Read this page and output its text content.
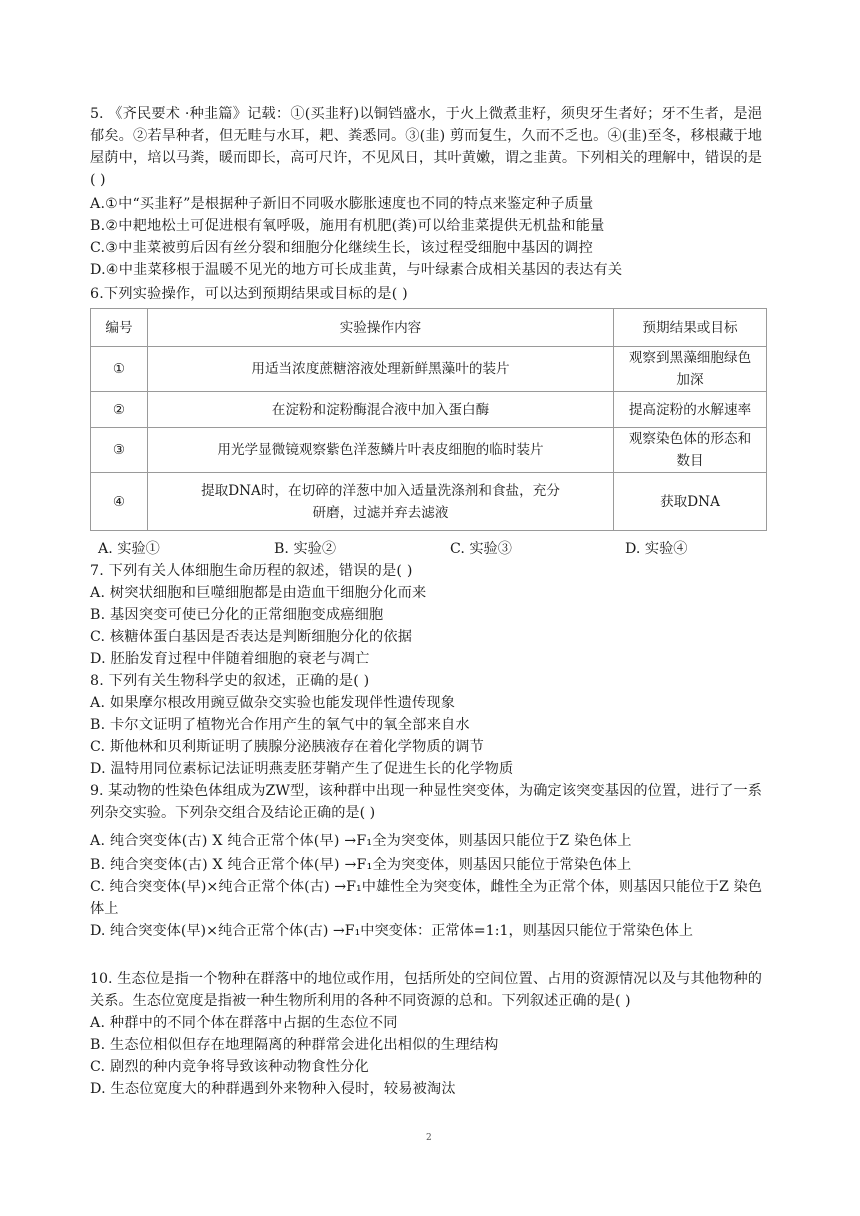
5. 《齐民要术 ·种韭篇》记载：①(买韭籽)以铜铛盛水，于火上微煮韭籽，须臾牙生者好；牙不生者，是浥郁矣。②若旱种者，但无畦与水耳，耙、粪悉同。③(韭) 剪而复生，久而不乏也。④(韭)至冬，移根藏于地屋荫中，培以马粪，暖而即长，高可尺许，不见风日，其叶黄嫩，谓之韭黄。下列相关的理解中，错误的是( )
A.①中“买韭籽”是根据种子新旧不同吸水膨胀速度也不同的特点来鉴定种子质量
B.②中耙地松土可促进根有氧呼吸，施用有机肥(粪)可以给韭菜提供无机盐和能量
C.③中韭菜被剪后因有丝分裂和细胞分化继续生长，该过程受细胞中基因的调控
D.④中韭菜移根于温暖不见光的地方可长成韭黄，与叶绿素合成相关基因的表达有关
6.下列实验操作，可以达到预期结果或目标的是( )
编号	实验操作内容	预期结果或目标
①	用适当浓度蔗糖溶液处理新鲜黑藻叶的装片	观察到黑藻细胞绿色加深
②	在淀粉和淀粉酶混合液中加入蛋白酶	提高淀粉的水解速率
③	用光学显微镜观察紫色洋葱鳞片叶表皮细胞的临时装片	观察染色体的形态和数目
④	提取DNA时，在切碎的洋葱中加入适量洗涤剂和食盐，充分研磨，过滤并弃去滤液	获取DNA
A. 实验①	B. 实验②	C. 实验③	D. 实验④
7. 下列有关人体细胞生命历程的叙述，错误的是( )
A. 树突状细胞和巨噬细胞都是由造血干细胞分化而来
B. 基因突变可使已分化的正常细胞变成癌细胞
C. 核糖体蛋白基因是否表达是判断细胞分化的依据
D. 胚胎发育过程中伴随着细胞的衰老与凋亡
8. 下列有关生物科学史的叙述，正确的是( )
A. 如果摩尔根改用豌豆做杂交实验也能发现伴性遗传现象
B. 卡尔文证明了植物光合作用产生的氧气中的氧全部来自水
C. 斯他林和贝利斯证明了胰腺分泌胰液存在着化学物质的调节
D. 温特用同位素标记法证明燕麦胚芽鞘产生了促进生长的化学物质
9. 某动物的性染色体组成为ZW型，该种群中出现一种显性突变体，为确定该突变基因的位置，进行了一系列杂交实验。下列杂交组合及结论正确的是( )
A. 纯合突变体(古) X 纯合正常个体(早) →F₁全为突变体，则基因只能位于Z 染色体上
B. 纯合突变体(古) X 纯合正常个体(早) →F₁全为突变体，则基因只能位于常染色体上
C. 纯合突变体(早)×纯合正常个体(古) →F₁中雄性全为突变体，雌性全为正常个体，则基因只能位于Z 染色体上
D. 纯合突变体(早)×纯合正常个体(古) →F₁中突变体：正常体=1:1，则基因只能位于常染色体上
10. 生态位是指一个物种在群落中的地位或作用，包括所处的空间位置、占用的资源情况以及与其他物种的关系。生态位宽度是指被一种生物所利用的各种不同资源的总和。下列叙述正确的是( )
A. 种群中的不同个体在群落中占据的生态位不同
B. 生态位相似但存在地理隔离的种群常会进化出相似的生理结构
C. 剧烈的种内竞争将导致该种动物食性分化
D. 生态位宽度大的种群遇到外来物种入侵时，较易被淘汰
2
